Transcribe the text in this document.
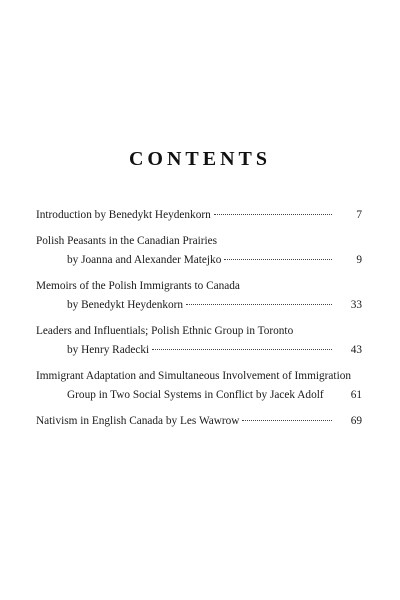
CONTENTS
Introduction by Benedykt Heydenkorn	7
Polish Peasants in the Canadian Prairies
by Joanna and Alexander Matejko	9
Memoirs of the Polish Immigrants to Canada
by Benedykt Heydenkorn	33
Leaders and Influentials; Polish Ethnic Group in Toronto
by Henry Radecki	43
Immigrant Adaptation and Simultaneous Involvement of Immigration
Group in Two Social Systems in Conflict by Jacek Adolf	61
Nativism in English Canada by Les Wawrow	69
